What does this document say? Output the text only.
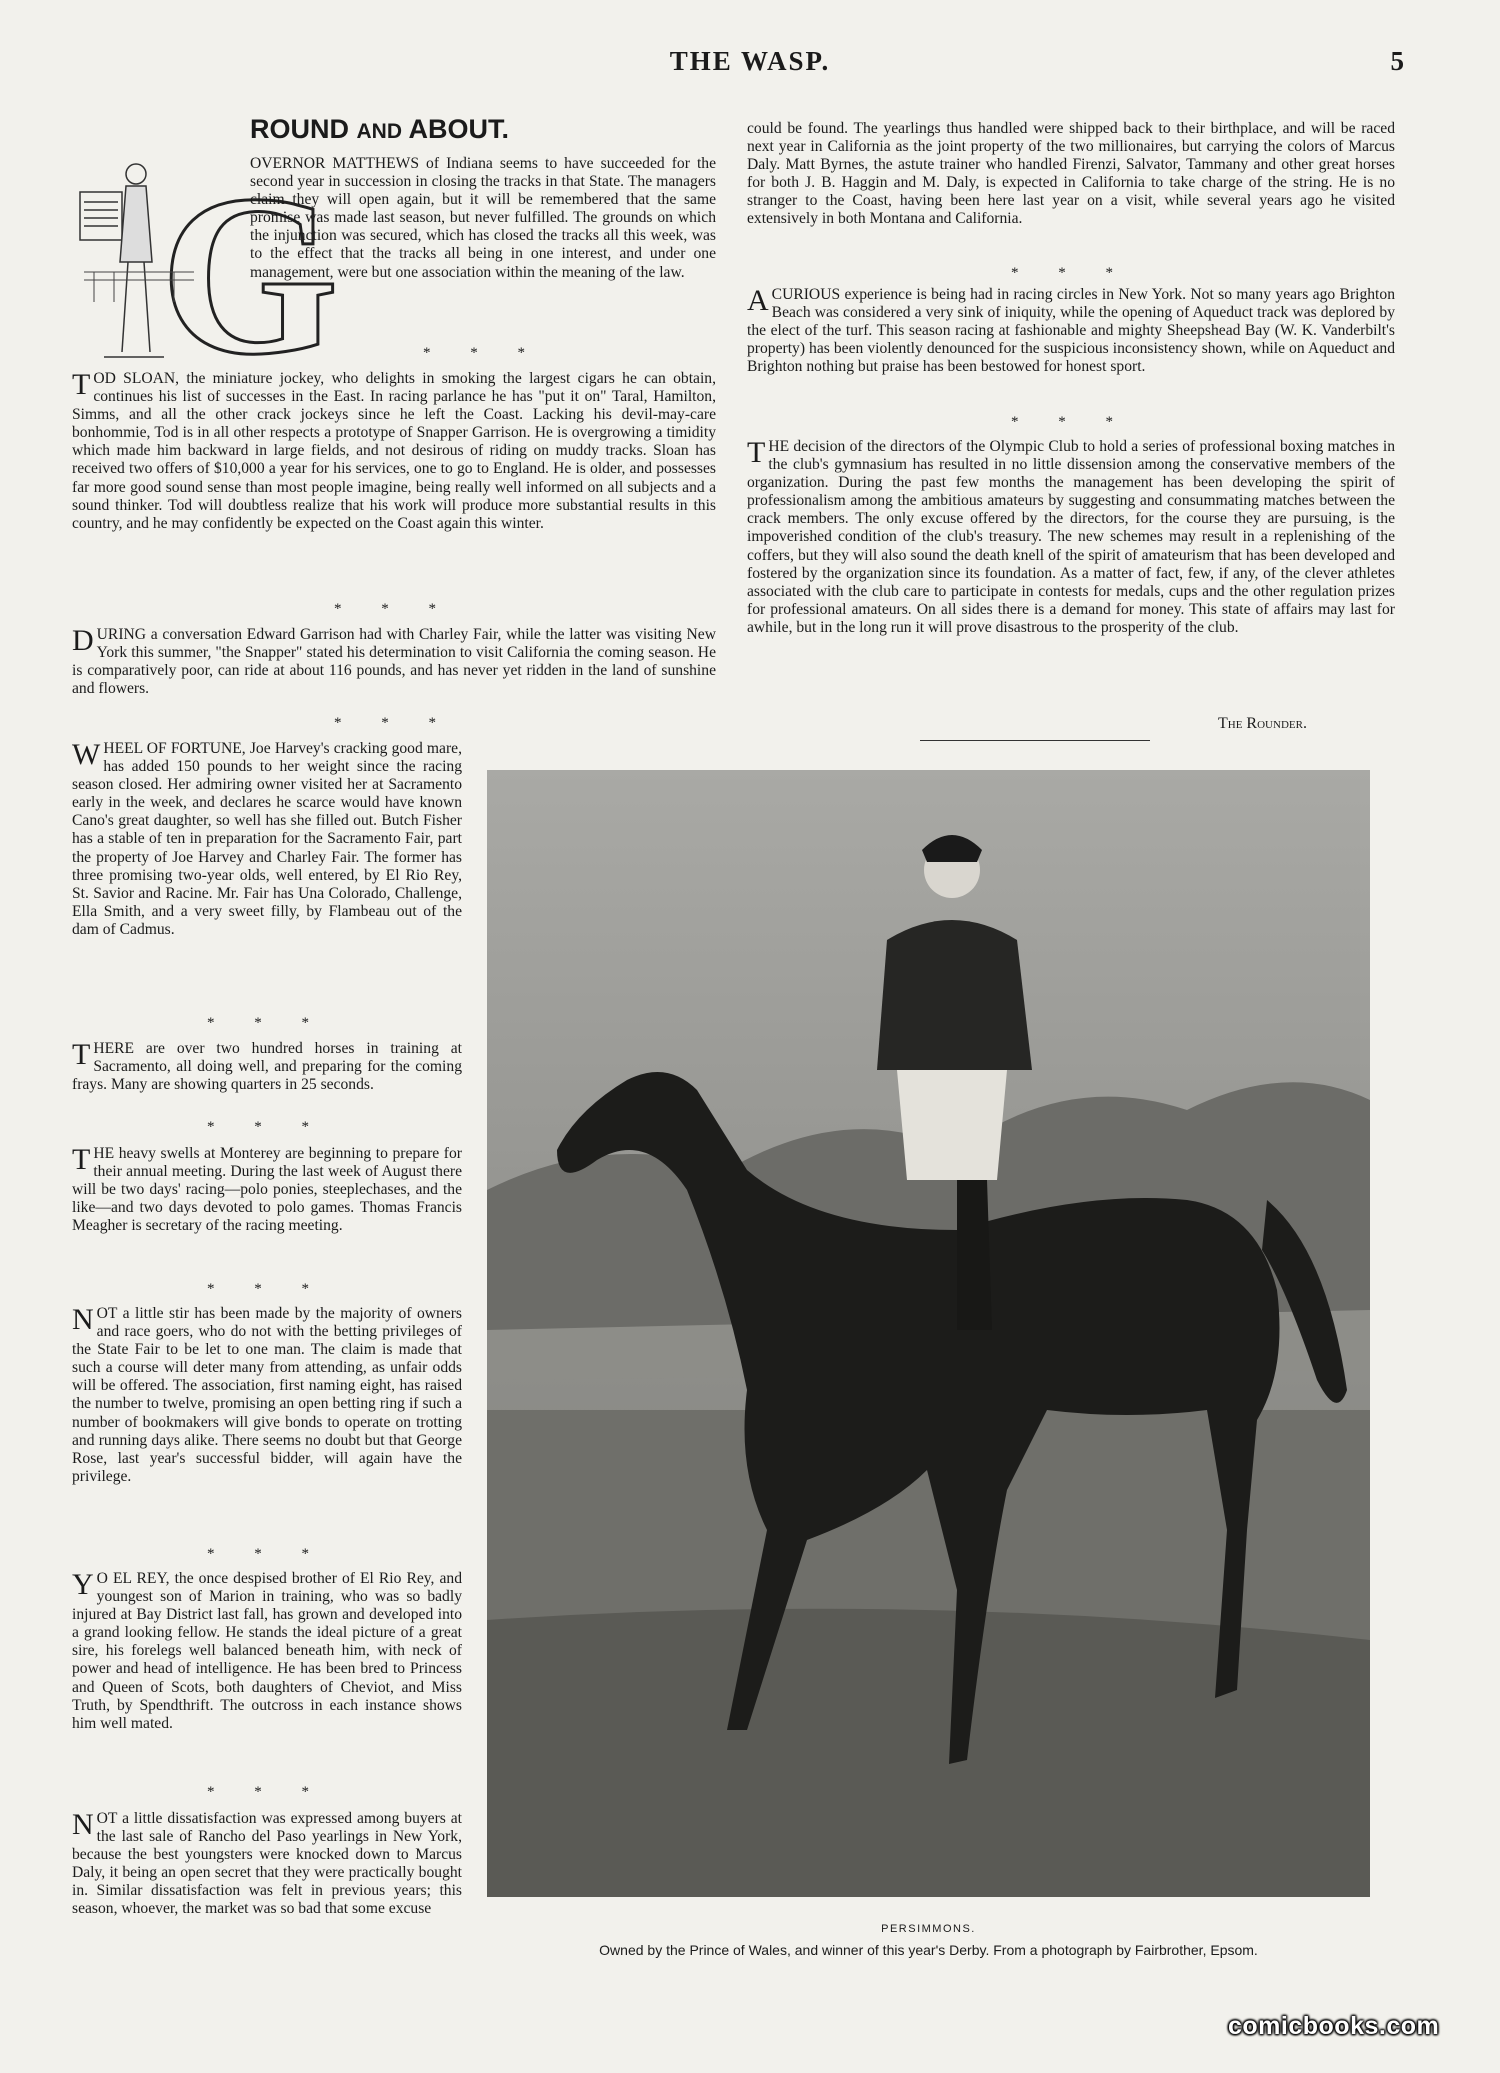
THE WASP.	5
ROUND AND ABOUT.
G
OVERNOR MATTHEWS of Indiana seems to have succeeded for the second year in succession in closing the tracks in that State. The managers claim they will open again, but it will be remembered that the same promise was made last season, but never fulfilled. The grounds on which the injunction was secured, which has closed the tracks all this week, was to the effect that the tracks all being in one interest, and under one management, were but one association within the meaning of the law.
* * *
TOD SLOAN, the miniature jockey, who delights in smoking the largest cigars he can obtain, continues his list of successes in the East. In racing parlance he has "put it on" Taral, Hamilton, Simms, and all the other crack jockeys since he left the Coast. Lacking his devil-may-care bonhommie, Tod is in all other respects a prototype of Snapper Garrison. He is overgrowing a timidity which made him backward in large fields, and not desirous of riding on muddy tracks. Sloan has received two offers of $10,000 a year for his services, one to go to England. He is older, and possesses far more good sound sense than most people imagine, being really well informed on all subjects and a sound thinker. Tod will doubtless realize that his work will produce more substantial results in this country, and he may confidently be expected on the Coast again this winter.
* * *
DURING a conversation Edward Garrison had with Charley Fair, while the latter was visiting New York this summer, "the Snapper" stated his determination to visit California the coming season. He is comparatively poor, can ride at about 116 pounds, and has never yet ridden in the land of sunshine and flowers.
* * *
WHEEL OF FORTUNE, Joe Harvey's cracking good mare, has added 150 pounds to her weight since the racing season closed. Her admiring owner visited her at Sacramento early in the week, and declares he scarce would have known Cano's great daughter, so well has she filled out. Butch Fisher has a stable of ten in preparation for the Sacramento Fair, part the property of Joe Harvey and Charley Fair. The former has three promising two-year olds, well entered, by El Rio Rey, St. Savior and Racine. Mr. Fair has Una Colorado, Challenge, Ella Smith, and a very sweet filly, by Flambeau out of the dam of Cadmus.
* * *
THERE are over two hundred horses in training at Sacramento, all doing well, and preparing for the coming frays. Many are showing quarters in 25 seconds.
* * *
THE heavy swells at Monterey are beginning to prepare for their annual meeting. During the last week of August there will be two days' racing—polo ponies, steeplechases, and the like—and two days devoted to polo games. Thomas Francis Meagher is secretary of the racing meeting.
* * *
NOT a little stir has been made by the majority of owners and race goers, who do not with the betting privileges of the State Fair to be let to one man. The claim is made that such a course will deter many from attending, as unfair odds will be offered. The association, first naming eight, has raised the number to twelve, promising an open betting ring if such a number of bookmakers will give bonds to operate on trotting and running days alike. There seems no doubt but that George Rose, last year's successful bidder, will again have the privilege.
* * *
Y O EL REY, the once despised brother of El Rio Rey, and youngest son of Marion in training, who was so badly injured at Bay District last fall, has grown and developed into a grand looking fellow. He stands the ideal picture of a great sire, his forelegs well balanced beneath him, with neck of power and head of intelligence. He has been bred to Princess and Queen of Scots, both daughters of Cheviot, and Miss Truth, by Spendthrift. The outcross in each instance shows him well mated.
* * *
NOT a little dissatisfaction was expressed among buyers at the last sale of Rancho del Paso yearlings in New York, because the best youngsters were knocked down to Marcus Daly, it being an open secret that they were practically bought in. Similar dissatisfaction was felt in previous years; this season, whoever, the market was so bad that some excuse
could be found. The yearlings thus handled were shipped back to their birthplace, and will be raced next year in California as the joint property of the two millionaires, but carrying the colors of Marcus Daly. Matt Byrnes, the astute trainer who handled Firenzi, Salvator, Tammany and other great horses for both J. B. Haggin and M. Daly, is expected in California to take charge of the string. He is no stranger to the Coast, having been here last year on a visit, while several years ago he visited extensively in both Montana and California.
* * *
ACURIOUS experience is being had in racing circles in New York. Not so many years ago Brighton Beach was considered a very sink of iniquity, while the opening of Aqueduct track was deplored by the elect of the turf. This season racing at fashionable and mighty Sheepshead Bay (W. K. Vanderbilt's property) has been violently denounced for the suspicious inconsistency shown, while on Aqueduct and Brighton nothing but praise has been bestowed for honest sport.
* * *
THE decision of the directors of the Olympic Club to hold a series of professional boxing matches in the club's gymnasium has resulted in no little dissension among the conservative members of the organization. During the past few months the management has been developing the spirit of professionalism among the ambitious amateurs by suggesting and consummating matches between the crack members. The only excuse offered by the directors, for the course they are pursuing, is the impoverished condition of the club's treasury. The new schemes may result in a replenishing of the coffers, but they will also sound the death knell of the spirit of amateurism that has been developed and fostered by the organization since its foundation. As a matter of fact, few, if any, of the clever athletes associated with the club care to participate in contests for medals, cups and the other regulation prizes for professional amateurs. On all sides there is a demand for money. This state of affairs may last for awhile, but in the long run it will prove disastrous to the prosperity of the club.
The Rounder.
PERSIMMONS.
Owned by the Prince of Wales, and winner of this year's Derby. From a photograph by Fairbrother, Epsom.
comicbooks.com
